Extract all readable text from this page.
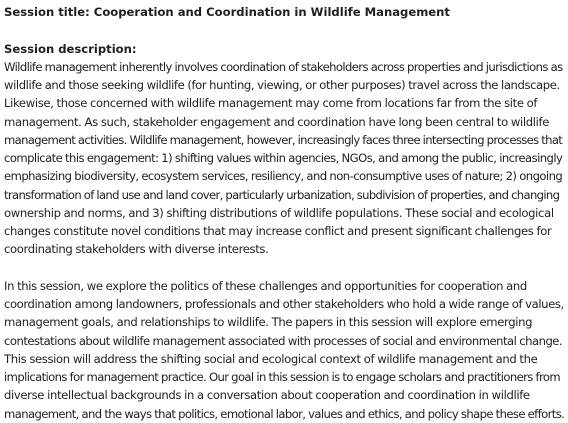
Session title: Cooperation and Coordination in Wildlife Management
Session description:
Wildlife management inherently involves coordination of stakeholders across properties and jurisdictions as
wildlife and those seeking wildlife (for hunting, viewing, or other purposes) travel across the landscape.
Likewise, those concerned with wildlife management may come from locations far from the site of
management. As such, stakeholder engagement and coordination have long been central to wildlife
management activities. Wildlife management, however, increasingly faces three intersecting processes that
complicate this engagement: 1) shifting values within agencies, NGOs, and among the public, increasingly
emphasizing biodiversity, ecosystem services, resiliency, and non-consumptive uses of nature; 2) ongoing
transformation of land use and land cover, particularly urbanization, subdivision of properties, and changing
ownership and norms, and 3) shifting distributions of wildlife populations. These social and ecological
changes constitute novel conditions that may increase conflict and present significant challenges for
coordinating stakeholders with diverse interests.
In this session, we explore the politics of these challenges and opportunities for cooperation and
coordination among landowners, professionals and other stakeholders who hold a wide range of values,
management goals, and relationships to wildlife. The papers in this session will explore emerging
contestations about wildlife management associated with processes of social and environmental change.
This session will address the shifting social and ecological context of wildlife management and the
implications for management practice. Our goal in this session is to engage scholars and practitioners from
diverse intellectual backgrounds in a conversation about cooperation and coordination in wildlife
management, and the ways that politics, emotional labor, values and ethics, and policy shape these efforts.
